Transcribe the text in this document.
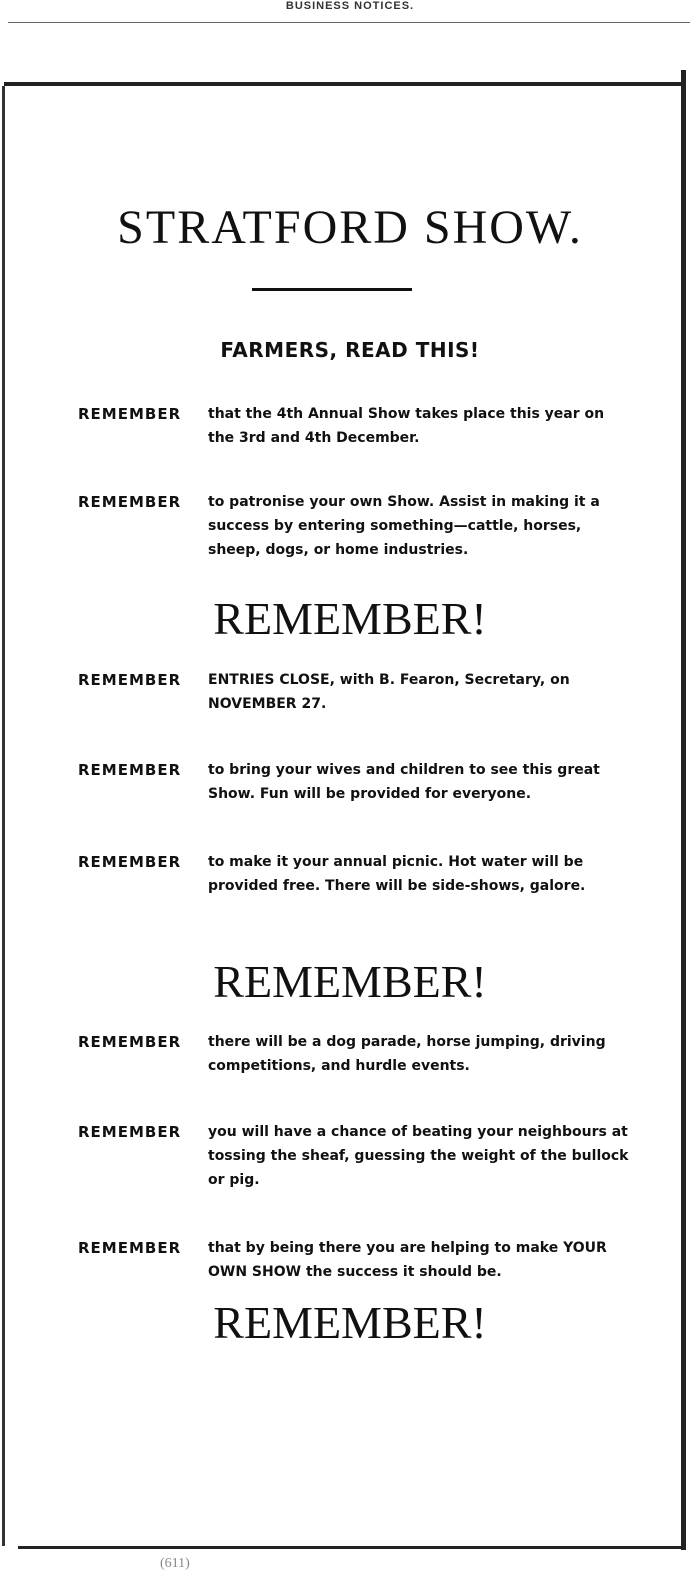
BUSINESS NOTICES.
STRATFORD SHOW.
FARMERS, READ THIS!
REMEMBER that the 4th Annual Show takes place this year on the 3rd and 4th December.
REMEMBER to patronise your own Show. Assist in making it a success by entering something—cattle, horses, sheep, dogs, or home industries.
REMEMBER!
REMEMBER ENTRIES CLOSE, with B. Fearon, Secretary, on NOVEMBER 27.
REMEMBER to bring your wives and children to see this great Show. Fun will be provided for everyone.
REMEMBER to make it your annual picnic. Hot water will be provided free. There will be side-shows, galore.
REMEMBER!
REMEMBER there will be a dog parade, horse jumping, driving competitions, and hurdle events.
REMEMBER you will have a chance of beating your neighbours at tossing the sheaf, guessing the weight of the bullock or pig.
REMEMBER that by being there you are helping to make YOUR OWN SHOW the success it should be.
REMEMBER!
(611)
